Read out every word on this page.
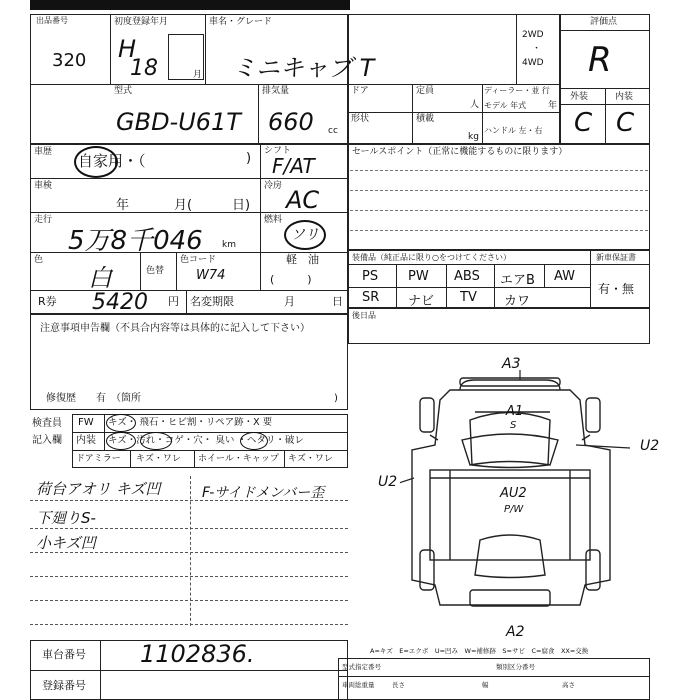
出品番号
320
初度登録年月
H
18	月
車名・グレード
ミニキャブ T
型式
GBD-U61T
排気量
660 cc
2WD
・
4WD
ドア	定員
人
ディーラー・並 行
モデル 年式 年
形状	積載
kg
ハンドル 左・右
評価点
R
外装	内装
C C
車歴 自家用・（	) シフト
F/AT
車検
年	月(	日)
冷房 AC
走行
5万8千046 km
燃料
ソリ
軽　油
(　　　)
色
白	色替
色コード
W74
R券 5420 円 名変期限	月	日
セールスポイント（正常に機能するものに限ります）
装備品（純正品に限り○をつけてください）	新車保証書
PS PW ABS エアB AW
SR ナビ TV カワ
有・無
後日品
注意事項申告欄（不具合内容等は具体的に記入して下さい）
修復歴　　有　（箇所	)
検査員
記入欄
FW キズ・ 飛石・ヒビ割・リペア跡・X 要
内装 キズ・汚れ・コゲ・穴・ 臭い ・ヘタリ・破レ
ドアミラー キズ・ワレ ホイール・キャップ キズ・ワレ
荷台アオリ キズ凹
下廻りS-
小キズ凹
F-サイドメンバー歪
A3
A1
S
U2
U2
AU2
P/W
A2
A=キズ　E=エクボ　U=凹み　W=補修跡　S=サビ　C=腐食　XX=交換
車台番号 1102836.
登録番号
型式指定番号	類別区分番号
車両総重量	長さ	幅	高さ
